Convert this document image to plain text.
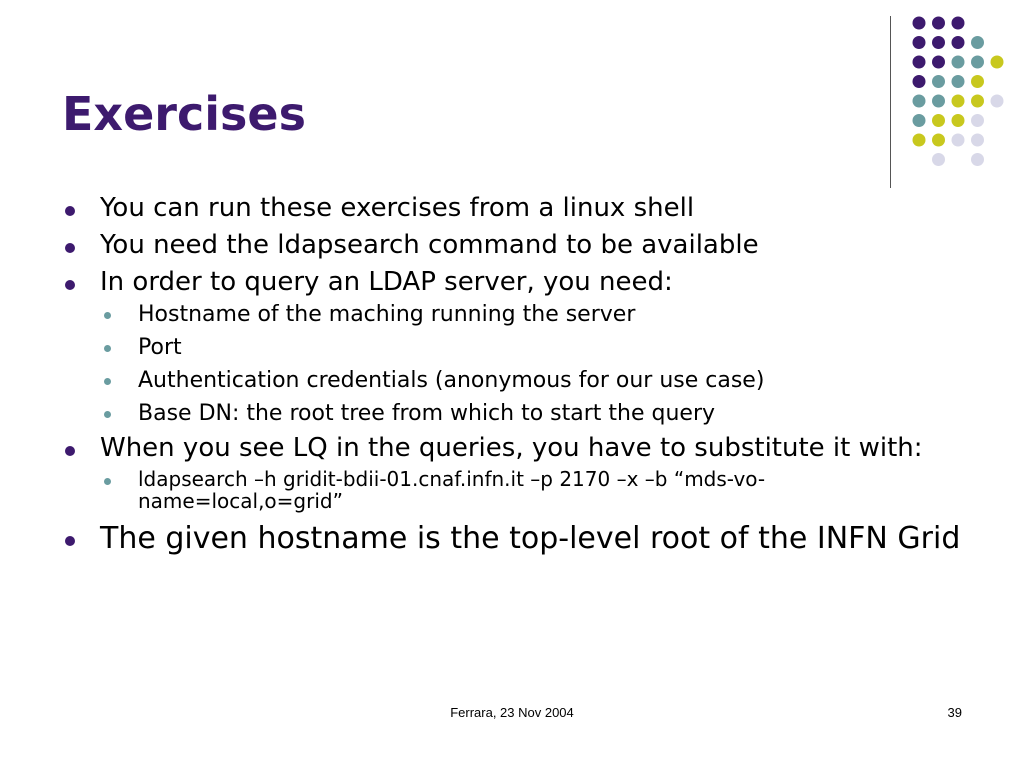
Exercises
You can run these exercises from a linux shell
You need the ldapsearch command to be available
In order to query an LDAP server, you need:
Hostname of the maching running the server
Port
Authentication credentials (anonymous for our use case)
Base DN: the root tree from which to start the query
When you see LQ in the queries, you have to substitute it with:
ldapsearch –h gridit-bdii-01.cnaf.infn.it –p 2170 –x –b “mds-vo-name=local,o=grid”
The given hostname is the top-level root of the INFN Grid
Ferrara, 23 Nov 2004	39
